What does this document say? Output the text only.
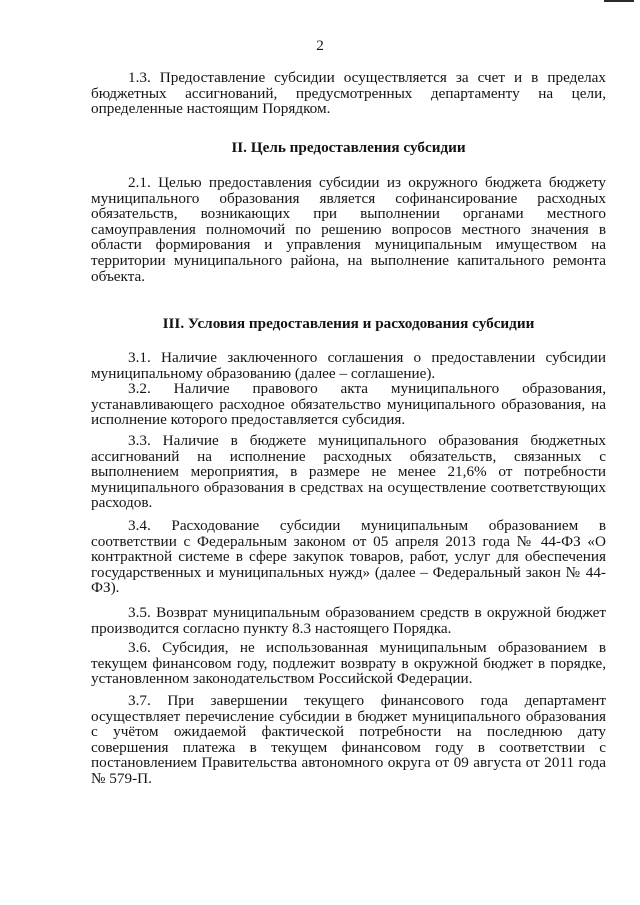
2

1.3. Предоставление субсидии осуществляется за счет и в пределах бюджетных ассигнований, предусмотренных департаменту на цели, определенные настоящим Порядком.

II. Цель предоставления субсидии

2.1. Целью предоставления субсидии из окружного бюджета бюджету муниципального образования является софинансирование расходных обязательств, возникающих при выполнении органами местного самоуправления полномочий по решению вопросов местного значения в области формирования и управления муниципальным имуществом на территории муниципального района, на выполнение капитального ремонта объекта.

III. Условия предоставления и расходования субсидии

3.1. Наличие заключенного соглашения о предоставлении субсидии муниципальному образованию (далее – соглашение).

3.2. Наличие правового акта муниципального образования, устанавливающего расходное обязательство муниципального образования, на исполнение которого предоставляется субсидия.

3.3. Наличие в бюджете муниципального образования бюджетных ассигнований на исполнение расходных обязательств, связанных с выполнением мероприятия, в размере не менее 21,6% от потребности муниципального образования в средствах на осуществление соответствующих расходов.

3.4. Расходование субсидии муниципальным образованием в соответствии с Федеральным законом от 05 апреля 2013 года № 44-ФЗ «О контрактной системе в сфере закупок товаров, работ, услуг для обеспечения государственных и муниципальных нужд» (далее – Федеральный закон № 44-ФЗ).

3.5. Возврат муниципальным образованием средств в окружной бюджет производится согласно пункту 8.3 настоящего Порядка.

3.6. Субсидия, не использованная муниципальным образованием в текущем финансовом году, подлежит возврату в окружной бюджет в порядке, установленном законодательством Российской Федерации.

3.7. При завершении текущего финансового года департамент осуществляет перечисление субсидии в бюджет муниципального образования с учётом ожидаемой фактической потребности на последнюю дату совершения платежа в текущем финансовом году в соответствии с постановлением Правительства автономного округа от 09 августа от 2011 года № 579-П.
